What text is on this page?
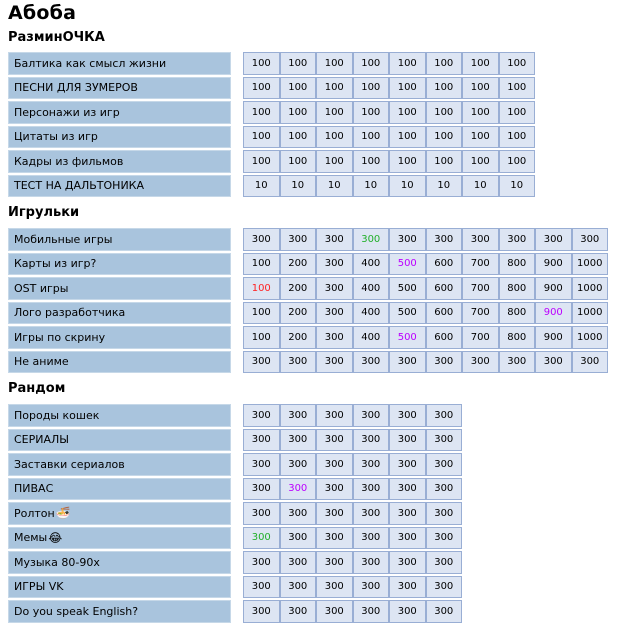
Абоба
РазминОЧКА
Балтика как смысл жизни	100	100	100	100	100	100	100	100
ПЕСНИ ДЛЯ ЗУМЕРОВ	100	100	100	100	100	100	100	100
Персонажи из игр	100	100	100	100	100	100	100	100
Цитаты из игр	100	100	100	100	100	100	100	100
Кадры из фильмов	100	100	100	100	100	100	100	100
ТЕСТ НА ДАЛЬТОНИКА	10	10	10	10	10	10	10	10
Игрульки
Мобильные игры	300	300	300	300	300	300	300	300	300	300
Карты из игр?	100	200	300	400	500	600	700	800	900	1000
OST игры	100	200	300	400	500	600	700	800	900	1000
Лого разработчика	100	200	300	400	500	600	700	800	900	1000
Игры по скрину	100	200	300	400	500	600	700	800	900	1000
Не аниме	300	300	300	300	300	300	300	300	300	300
Рандом
Породы кошек	300	300	300	300	300	300
СЕРИАЛЫ	300	300	300	300	300	300
Заставки сериалов	300	300	300	300	300	300
ПИВАС	300	300	300	300	300	300
Ролтон 🍜	300	300	300	300	300	300
Мемы 😂	300	300	300	300	300	300
Музыка 80-90х	300	300	300	300	300	300
ИГРЫ VK	300	300	300	300	300	300
Do you speak English?	300	300	300	300	300	300
